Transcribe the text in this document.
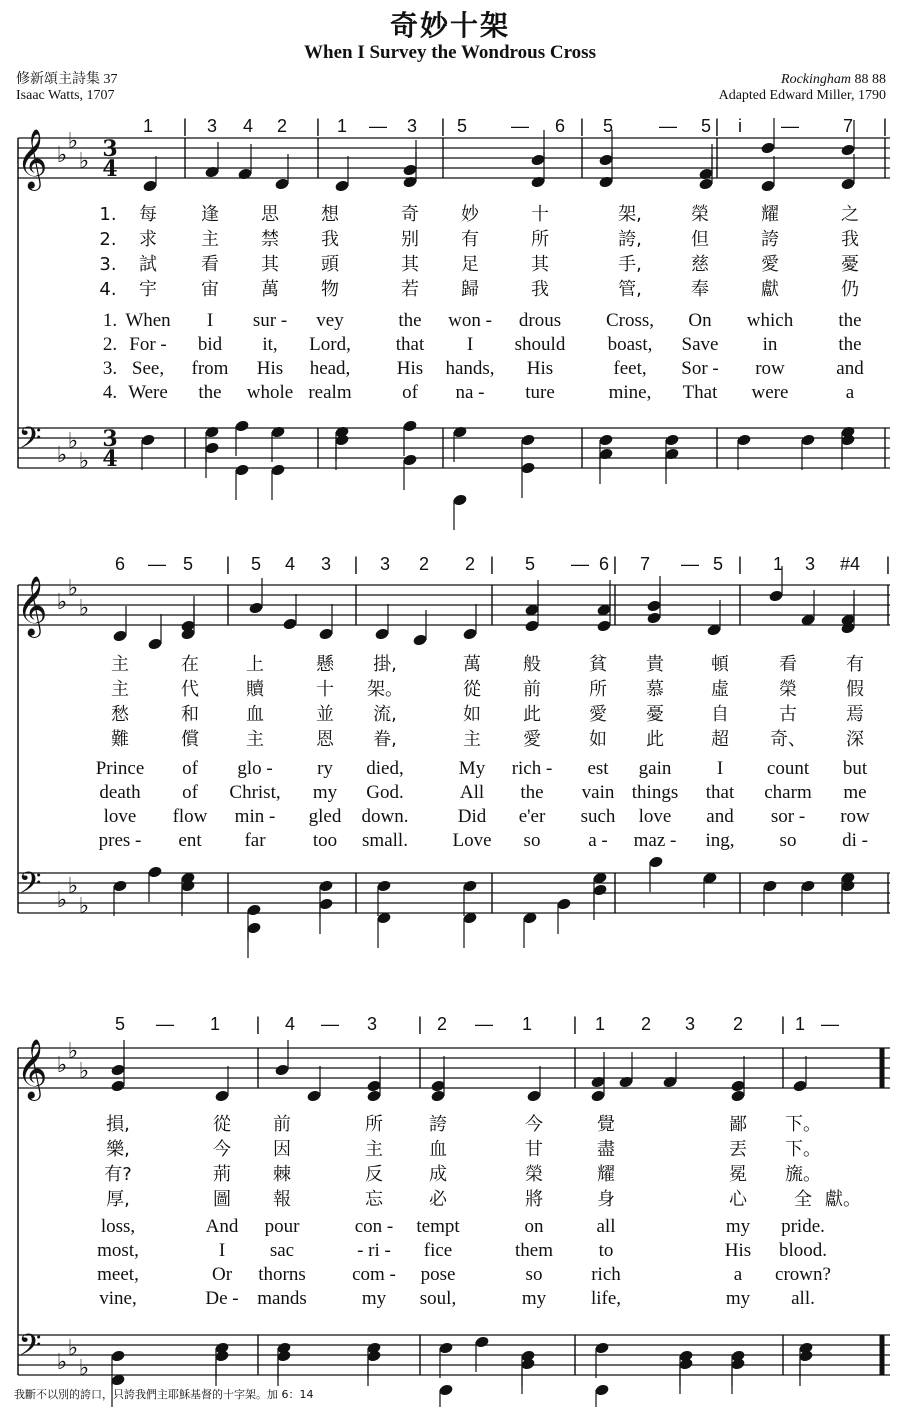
奇妙十架
When I Survey the Wondrous Cross
修新頌主詩集 37
Isaac Watts, 1707
Rockingham 88 88
Adapted Edward Miller, 1790
1 | 3 4 2 | 1 — 3 | 5 — 6 | 5	— 5 | i — 7 |
𝄞
𝄢
♭
♭
♭
♭
♭
♭
3
3
4
4
1. 每 逢 思 想	奇 妙	十	架,	榮	耀	之
2. 求 主 禁 我	别 有	所	誇,	但	誇	我
3. 試 看 其 頭	其 足	其	手,	慈	愛	憂
4. 宇 宙 萬 物	若 歸	我	管,	奉	獻	仍
1. When I sur - vey	the won - drous Cross, On which the
2. For - bid it, Lord, that I should boast, Save in	the
3. See, from His head, His hands, His	feet, Sor - row	and
4. Were the whole realm	of na - ture	mine, That were	a
6 — 5 | 5 4 3 | 3 2 2 | 5 — 6 | 7 — 5 | 1 3 #4 |
𝄞
𝄢
♭
♭
♭
♭
♭
♭
主	在	上	懸 掛,	萬 般	貧 貴	頓	看	有
主	代	贖	十 架。	從 前	所 慕	虛	榮	假
愁	和	血	並 流,	如 此	愛 憂	自	古	焉
難	償	主	恩 眷,	主 愛	如 此	超 奇、 深
Prince of glo - ry died,	My rich - est gain I count but
death of Christ, my God.	All the vain things that charm me
love flow min - gled down.	Did e'er such love and sor - row
pres - ent far too small. Love so	a - maz - ing, so di -
5 — 1 | 4 — 3 | 2 — 1 | 1 2 3 2 | 1 —
𝄞
𝄢
♭
♭
♭
♭
♭
♭
損,	從 前	所	誇	今	覺	鄙 下。
樂,	今 因	主	血	甘	盡	丟 下。
有?	荊 棘	反	成	榮	耀	冕 旒。
厚,	圖 報	忘	必	將	身	心	全 獻。
loss,	And pour	con - tempt	on	all	my pride.
most,	I sac	- ri - fice	them to	His blood.
meet,	Or thorns com - pose	so	rich	a crown?
vine,	De - mands	my soul,	my life,	my all.
我斷不以別的誇口，只誇我們主耶穌基督的十字架。加 6：14
